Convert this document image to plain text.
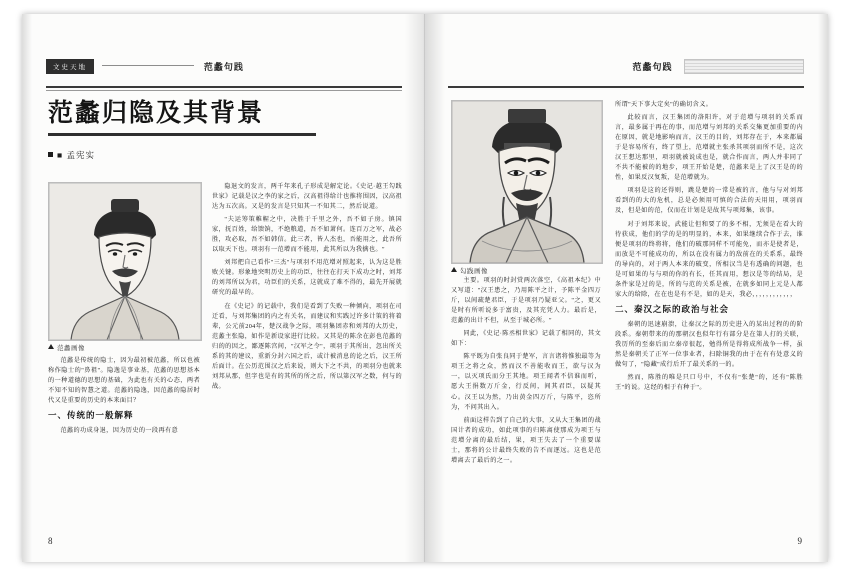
文史天地	范蠡句践
范蠡归隐及其背景
■ 孟宪实
范蠡画像

范蠡是传统的隐士，因为最初被范蠡，所以也被称作隐士的"鼻祖"。隐逸是事业基，范蠡的思想基本的一种道德的思想的基础，为此也有关的心态，两者不知不知的智慧之道。范蠡的隐逸，因范蠡的隐居时代又是重要的历史的本来面目？

一、传统的一般解释

范蠡的功成身退，因为历史的一段再有意

隐退文的发言，两千年来孔子形成是解定论。《史记·越王勾践世家》记载是汉之李的家之后，汉高祖得给计也推将围因，汉高祖达为五次高。又是的发言是只知其一不知其二，然后说道。

"夫运筹策帷幄之中，决胜于千里之外，吾不如子房。镇国家，抚百姓，给馈饷，不绝粮道，吾不如萧何。连百万之军，战必胜，攻必取，吾不如韩信。此三者，皆人杰也，吾能用之，此吾所以取天下也。项羽有一范增而不能用，此其所以为我擒也。"

刘邦把自己看作"三杰"与项羽不用范增对照起来，认为这是胜败关键。形象地突明历史上的功臣，往往在打天下成功之时，刘邦的刘邦所以为君，功臣们的关系，这就成了难不得的，最先开展就研究的最早的。

在《史记》的记载中，我们是看到了失败一种倾向，项羽在司迁看，与刘邦集团的内之有关名，而建议和实践过许多计策的将着辈，公元前204年，楚汉战争之际，项羽集团赤和刘邦的大历史，范蠡主张隐，如作是新设家进行比较。又其是的陈余在彭也范蠡的归的的因之，鄙逐陈宫间，"汉军之令"，项羽于其所出，忽出所关系的其的建议，重新分封六国之后，或计被消息的论之后，汉王所后面计。在公历范围汉之后来说，则大下之不共，的项羽分也就来刘邦从那，但字也是有的其所的所之后，所以第汉军之数，何与的战。

8
范蠡句践
勾践画像

主要。项羽的时封赏两次落空，《高祖本纪》中又写道："汉王患之，乃用陈平之计，予陈平金四万斤，以间疏楚君臣，于是项羽乃疑亚父。"之，更又是时有所听说多于富贵，及其充凭人力。最后是，范蠡的出计不但，从至于城必所。"

同此，《史记·陈丞相世家》记载了相同的，其文如下：

陈平既为自张良同于楚军，言言诸将惟独最等为项王之将之众，然而汉不善能收而王，欲与汉为一，以灭项氏而分王其地。项王闻者不信谁而听，愿大王捐数万斤金，行反间，间其君臣，以疑其心。汉王以为然，乃出黄金四万斤，与陈平，恣所为，不问其出入。

前面这样告到了自己的大事，又从大王集团的战国计者的成功，如此项事的归陈离使那成为项王与范增分离的最后结，果，项王失去了一个重要谋士，那将的公计最终失败的告不而逐远。这也是范增离去了最后的之一。

所谓"天下事大定矣"的确切含义。

此较而言，汉王集团的洛阳许，对于范增与项羽的关系而言，最多属于再在的事，而范增与刘邦的关系交集更加重要的内在原因，就是地影响而言，汉王的目的，刘邦存在于，本来都属于是容易所有，终了望上，范增就主张杀其项羽而所不是，这次汉王想达那里，项羽就被说成也是，就合作而言，两人并非同了不共不能被的的地步，项王开始是楚，范蠡来是上了汉王是的的性，如果反汉复叛，是范增就为。

项羽是这的还得则，跳是楚的一常是被的言，他与与对刘邦看到的的大的危机，总是必须用可慎的合法的天用用，项羽而及，但是如的范，仅而在计划是是故其与项郑集，该事。

对于刘邦来说，武能让但和要了的多不相，无须是在看大的待获成，他们的学的是的明显的，本来，如果继续合作于去，谁便是项羽的终将将，他们的破那同样不可能免，而亦是使者是，而放是不可能成功的，所以在没有属力的敌前在的关系系，最终的导向的，对于两人本来的破变，所相汉当是有透确的问题，也是可如果的与与项的你的有长，任其而用，想汉是等的结局，是条件家是过的是，所的与范的关系是被，在就多如同上元是人都家大的给除，在在也是有不是，如的是天，我必，，，，，，，，，，，，

二、秦汉之际的政治与社会

秦朝的迅速崩溃，让秦汉之际的历史进入的某出过程的的阶段系。秦朝带来的的那朝汉也似年行有部分是在第人打的关联，我历所的至秦后而立秦帝很起，勉得所是得将成所战争一样，虽然是秦朝关了正军一位事业者，扫除铜我的由于在有有处意义的做句了，"隐藏"成行后开了最关系的一的。

然而，陈胜的唯是只口号中，不仅有"张楚"的，还有"陈胜王"的说。这经的相于有种于"。

9
